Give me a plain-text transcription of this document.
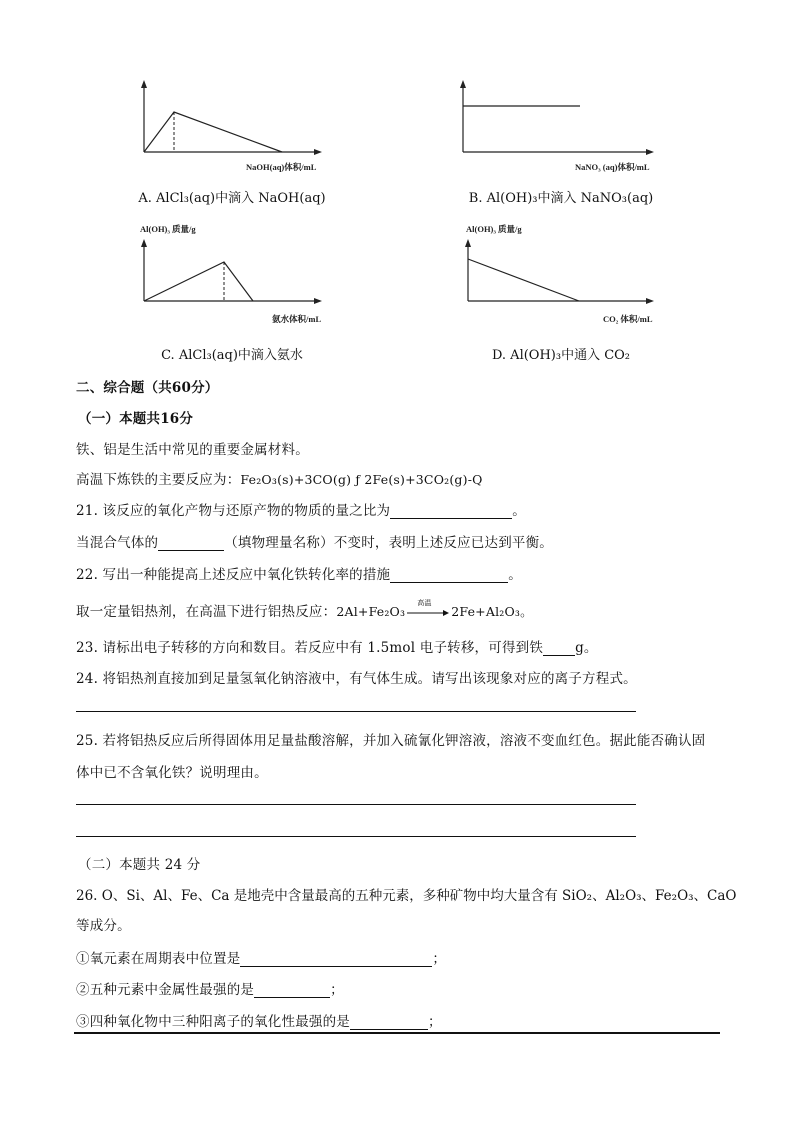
NaOH(aq)体积/mL
A. AlCl₃(aq)中滴入 NaOH(aq)
NaNO₃ (aq)体积/mL
B. Al(OH)₃中滴入 NaNO₃(aq)
Al(OH)₃ 质量/g
氨水体积/mL
C. AlCl₃(aq)中滴入氨水
Al(OH)₃ 质量/g
CO₂ 体积/mL
D. Al(OH)₃中通入 CO₂
二、综合题（共60分）
（一）本题共16分
铁、铝是生活中常见的重要金属材料。
高温下炼铁的主要反应为：Fe₂O₃(s)+3CO(g) ƒ 2Fe(s)+3CO₂(g)-Q
21. 该反应的氧化产物与还原产物的物质的量之比为	。
当混合气体的	（填物理量名称）不变时，表明上述反应已达到平衡。
22. 写出一种能提高上述反应中氧化铁转化率的措施	。
取一定量铝热剂，在高温下进行铝热反应：2Al+Fe₂O₃
高温
2Fe+Al₂O₃。
23. 请标出电子转移的方向和数目。若反应中有 1.5mol 电子转移，可得到铁 g。
24. 将铝热剂直接加到足量氢氧化钠溶液中，有气体生成。请写出该现象对应的离子方程式。
25. 若将铝热反应后所得固体用足量盐酸溶解，并加入硫氰化钾溶液，溶液不变血红色。据此能否确认固
体中已不含氧化铁？说明理由。
（二）本题共 24 分
26. O、Si、Al、Fe、Ca 是地壳中含量最高的五种元素，多种矿物中均大量含有 SiO₂、Al₂O₃、Fe₂O₃、CaO
等成分。
①氧元素在周期表中位置是	；
②五种元素中金属性最强的是	；
③四种氧化物中三种阳离子的氧化性最强的是	；
